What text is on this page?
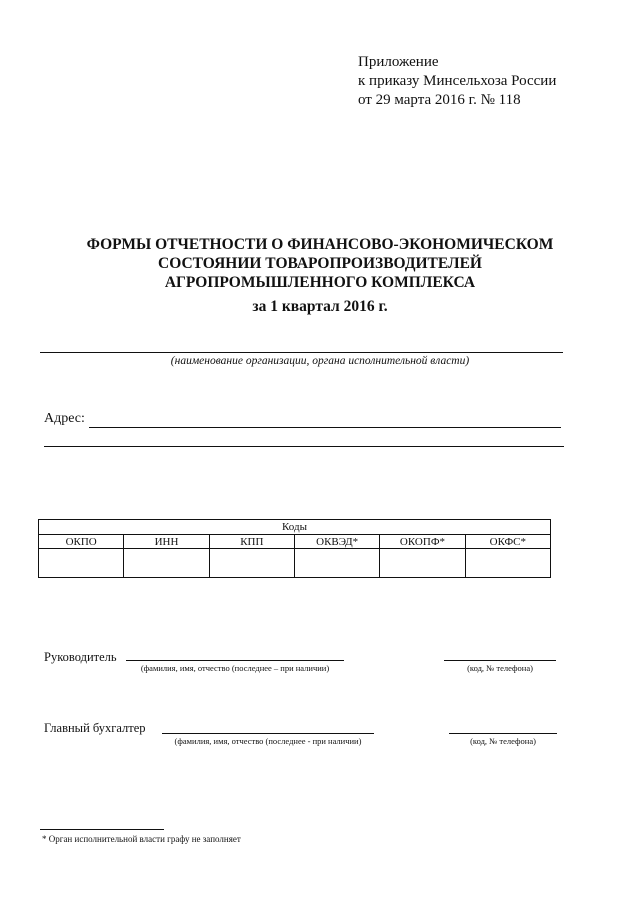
Приложение
к приказу Минсельхоза России
от 29 марта 2016 г. № 118
ФОРМЫ ОТЧЕТНОСТИ О ФИНАНСОВО-ЭКОНОМИЧЕСКОМ
СОСТОЯНИИ ТОВАРОПРОИЗВОДИТЕЛЕЙ
АГРОПРОМЫШЛЕННОГО КОМПЛЕКСА
за 1 квартал 2016 г.
(наименование организации, органа исполнительной власти)
Адрес:
Коды					
ОКПО	ИНН	КПП	ОКВЭД*	ОКОПФ*	ОКФС*

Руководитель
(фамилия, имя, отчество (последнее – при наличии)	(код, № телефона)
Главный бухгалтер
(фамилия, имя, отчество (последнее - при наличии)	(код, № телефона)
* Орган исполнительной власти графу не заполняет
